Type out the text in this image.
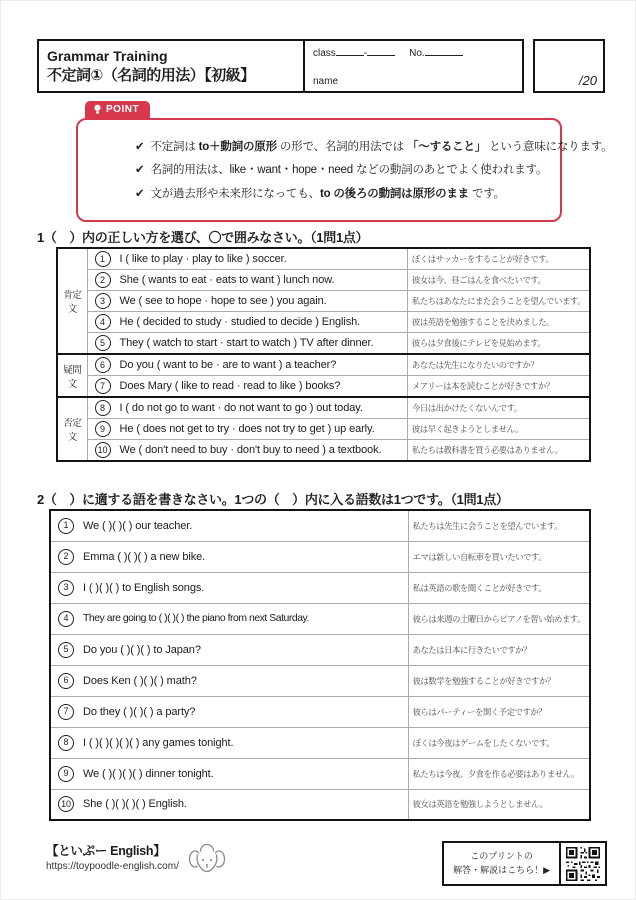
Grammar Training
不定詞①（名詞的用法）【初級】
class	-	No.
name	/20
POINT
✔ 不定詞は to＋動詞の原形 の形で、名詞的用法では 「～すること」 という意味になります。
✔ 名詞的用法は、like・want・hope・need などの動詞のあとでよく使われます。
✔ 文が過去形や未来形になっても、to の後ろの動詞は原形のまま です。
1（　）内の正しい方を選び、〇で囲みなさい。（1問1点）
肯定文	1 I ( like to play · play to like ) soccer.	ぼくはサッカーをすることが好きです。

2 She ( wants to eat · eats to want ) lunch now.	彼女は今、昼ごはんを食べたいです。

3 We ( see to hope · hope to see ) you again.	私たちはあなたにまた会うことを望んでいます。

4 He ( decided to study · studied to decide ) English.	彼は英語を勉強することを決めました。

5 They ( watch to start · start to watch ) TV after dinner.	彼らは夕食後にテレビを見始めます。
疑問文	6 Do you ( want to be · are to want ) a teacher?	あなたは先生になりたいのですか？

7 Does Mary ( like to read · read to like ) books?	メアリーは本を読むことが好きですか？
否定文	8 I ( do not go to want · do not want to go ) out today.	今日は出かけたくないんです。

9 He ( does not get to try · does not try to get ) up early.	彼は早く起きようとしません。

10 We ( don't need to buy · don't buy to need ) a textbook.	私たちは教科書を買う必要はありません。
2（　）に適する語を書きなさい。1つの（　）内に入る語数は1つです。（1問1点）
1 We ( )( )( ) our teacher.	私たちは先生に会うことを望んでいます。

2 Emma ( )( )( ) a new bike.	エマは新しい自転車を買いたいです。

3 I ( )( )( ) to English songs.	私は英語の歌を聞くことが好きです。

4 They are going to ( )( )( ) the piano from next Saturday.	彼らは来週の土曜日からピアノを習い始めます。

5 Do you ( )( )( ) to Japan?	あなたは日本に行きたいですか？

6 Does Ken ( )( )( ) math?	彼は数学を勉強することが好きですか？

7 Do they ( )( )( ) a party?	彼らはパーティーを開く予定ですか？

8 I ( )( )( )( )( ) any games tonight.	ぼくは今夜はゲームをしたくないです。

9 We ( )( )( )( ) dinner tonight.	私たちは今夜、夕食を作る必要はありません。

10 She ( )( )( )( ) English.	彼女は英語を勉強しようとしません。
【といぷー English】
https://toypoodle-english.com/
このプリントの
解答・解説はこちら！▶
